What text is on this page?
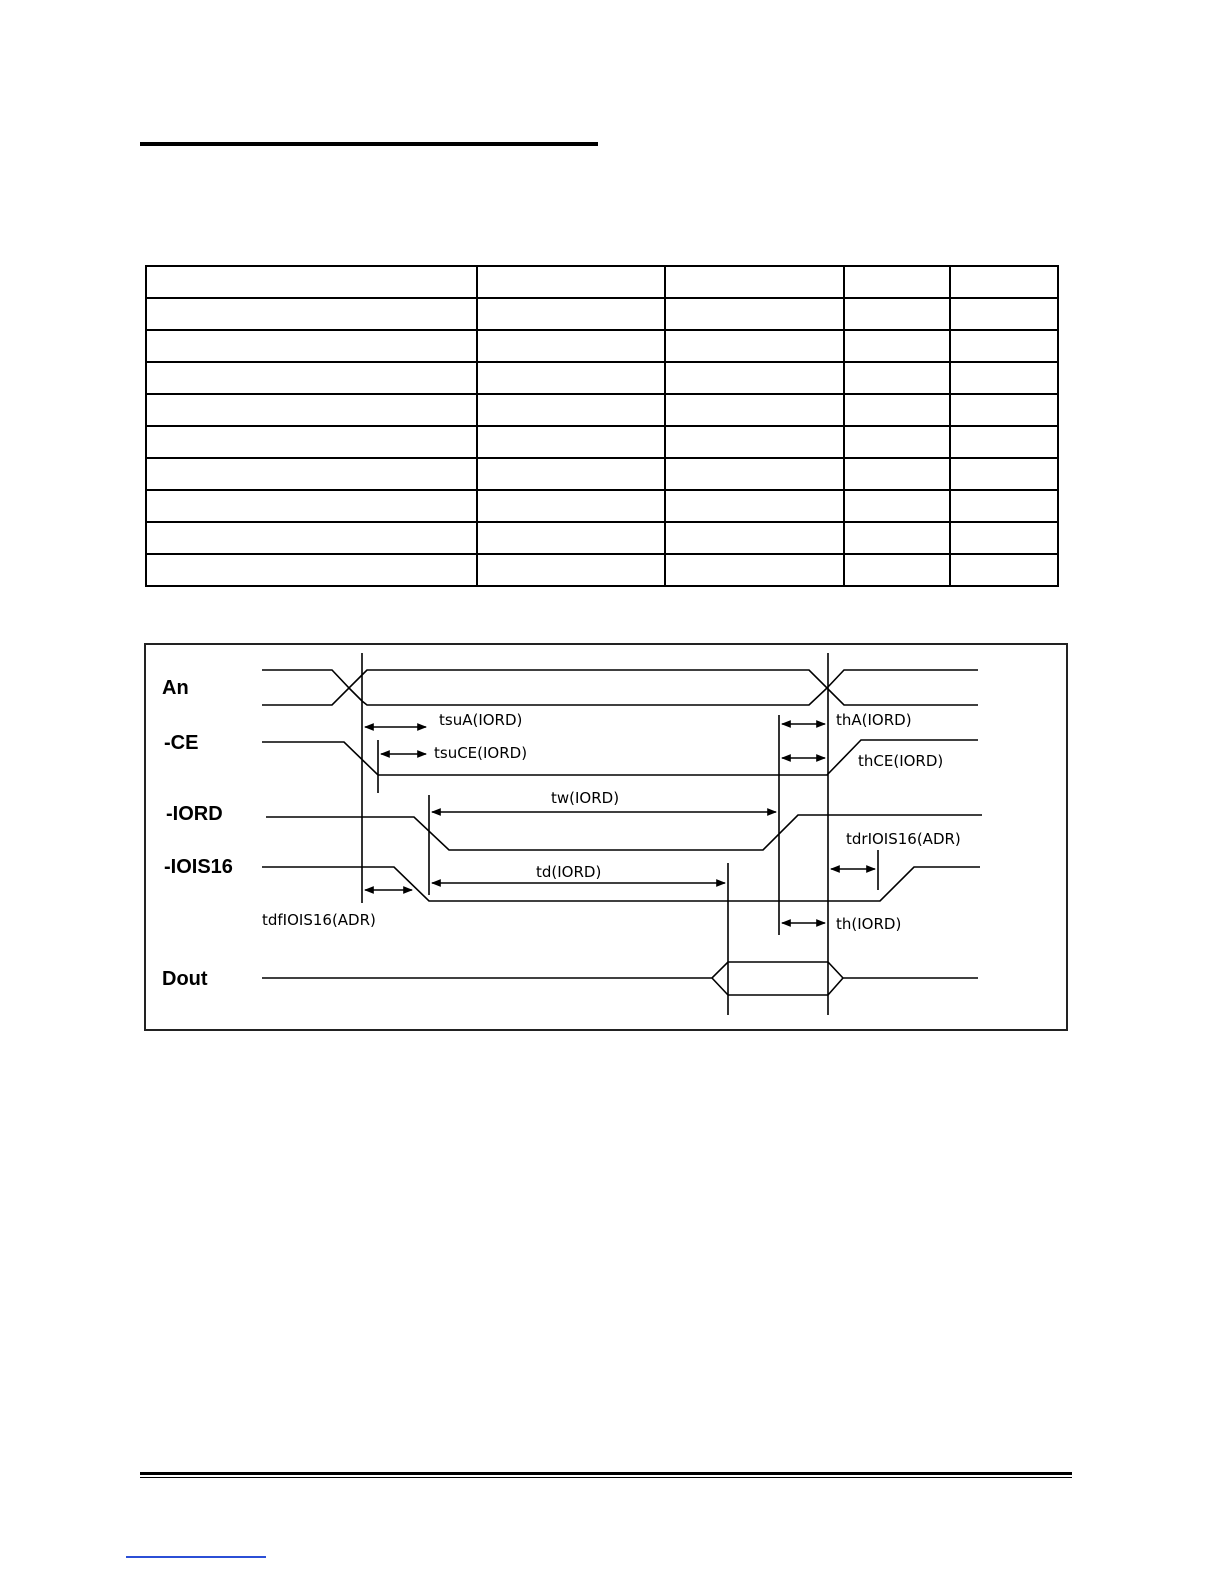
An
-CE
-IORD
-IOIS16
Dout
tsuA(IORD)
tsuCE(IORD)
tw(IORD)
td(IORD)
tdfIOIS16(ADR)
thA(IORD)
thCE(IORD)
tdrIOIS16(ADR)
th(IORD)
